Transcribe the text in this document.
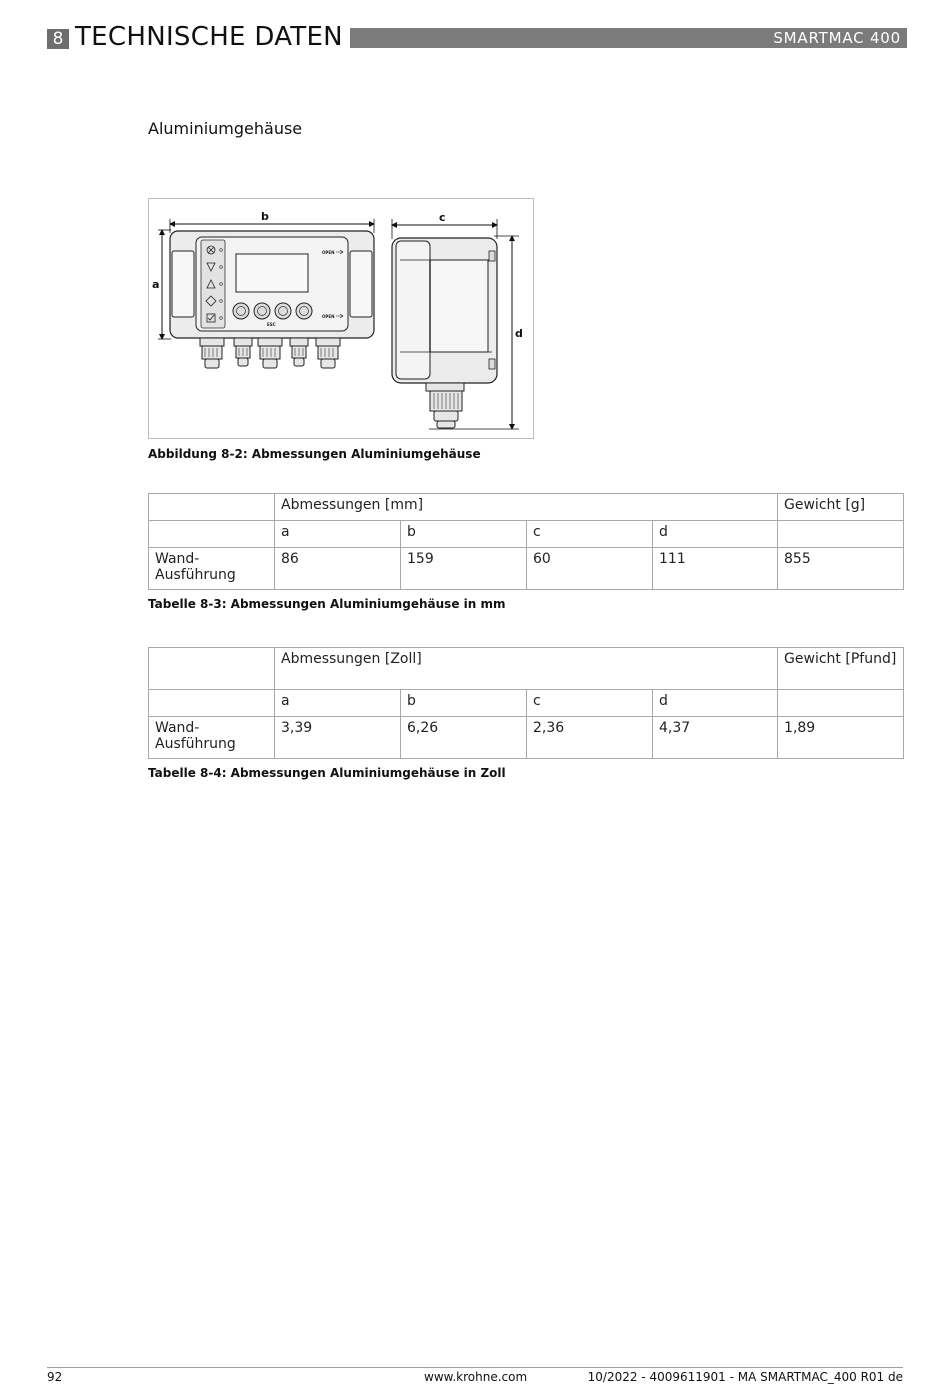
8 TECHNISCHE DATEN	SMARTMAC 400
Aluminiumgehäuse
b
a
c
d
ESC
OPEN
OPEN
Abbildung 8-2: Abmessungen Aluminiumgehäuse
	Abmessungen [mm]				Gewicht [g]
	a	b	c	d	
Wand-Ausführung	86	159	60	111	855
Tabelle 8-3: Abmessungen Aluminiumgehäuse in mm
	Abmessungen [Zoll]				Gewicht [Pfund]
	a	b	c	d	
Wand-Ausführung	3,39	6,26	2,36	4,37	1,89
Tabelle 8-4: Abmessungen Aluminiumgehäuse in Zoll
92	www.krohne.com	10/2022 - 4009611901 - MA SMARTMAC_400 R01 de
